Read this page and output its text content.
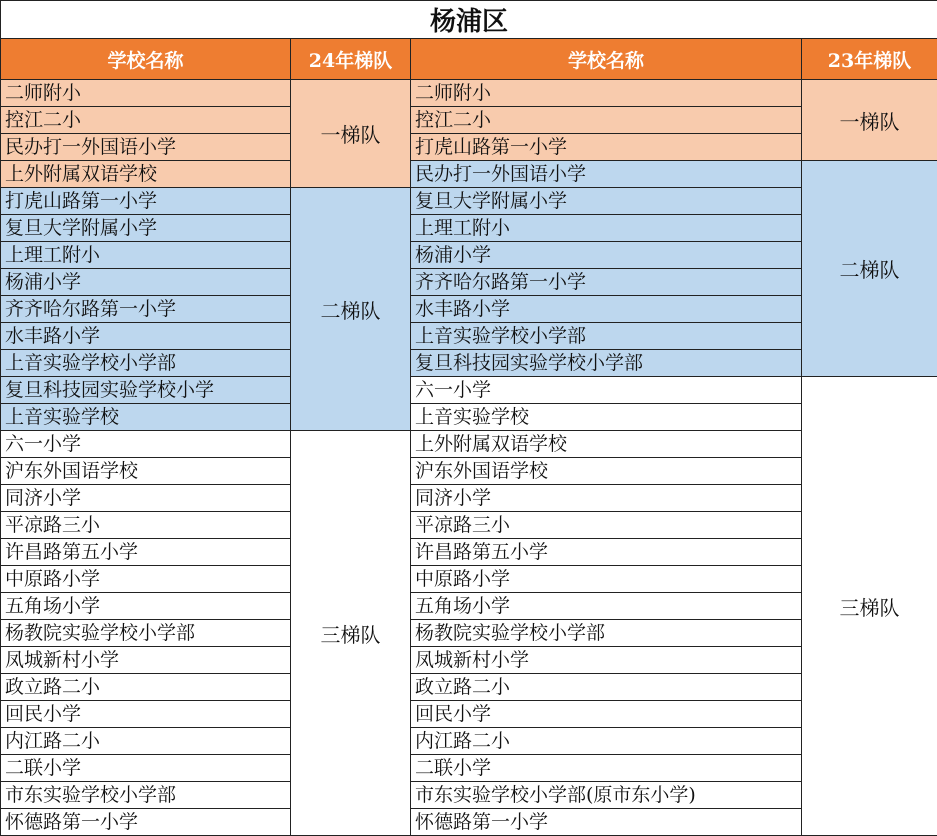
杨浦区			
学校名称	24年梯队	学校名称	23年梯队
二师附小	一梯队	二师附小	一梯队
控江二小		控江二小	
民办打一外国语小学		打虎山路第一小学	
上外附属双语学校		民办打一外国语小学	二梯队
打虎山路第一小学	二梯队	复旦大学附属小学	
复旦大学附属小学		上理工附小	
上理工附小		杨浦小学	
杨浦小学		齐齐哈尔路第一小学	
齐齐哈尔路第一小学		水丰路小学	
水丰路小学		上音实验学校小学部	
上音实验学校小学部		复旦科技园实验学校小学部	
复旦科技园实验学校小学		六一小学	三梯队
上音实验学校		上音实验学校	
六一小学	三梯队	上外附属双语学校	
沪东外国语学校		沪东外国语学校	
同济小学		同济小学	
平凉路三小		平凉路三小	
许昌路第五小学		许昌路第五小学	
中原路小学		中原路小学	
五角场小学		五角场小学	
杨教院实验学校小学部		杨教院实验学校小学部	
凤城新村小学		凤城新村小学	
政立路二小		政立路二小	
回民小学		回民小学	
内江路二小		内江路二小	
二联小学		二联小学	
市东实验学校小学部		市东实验学校小学部(原市东小学)	
怀德路第一小学		怀德路第一小学	
